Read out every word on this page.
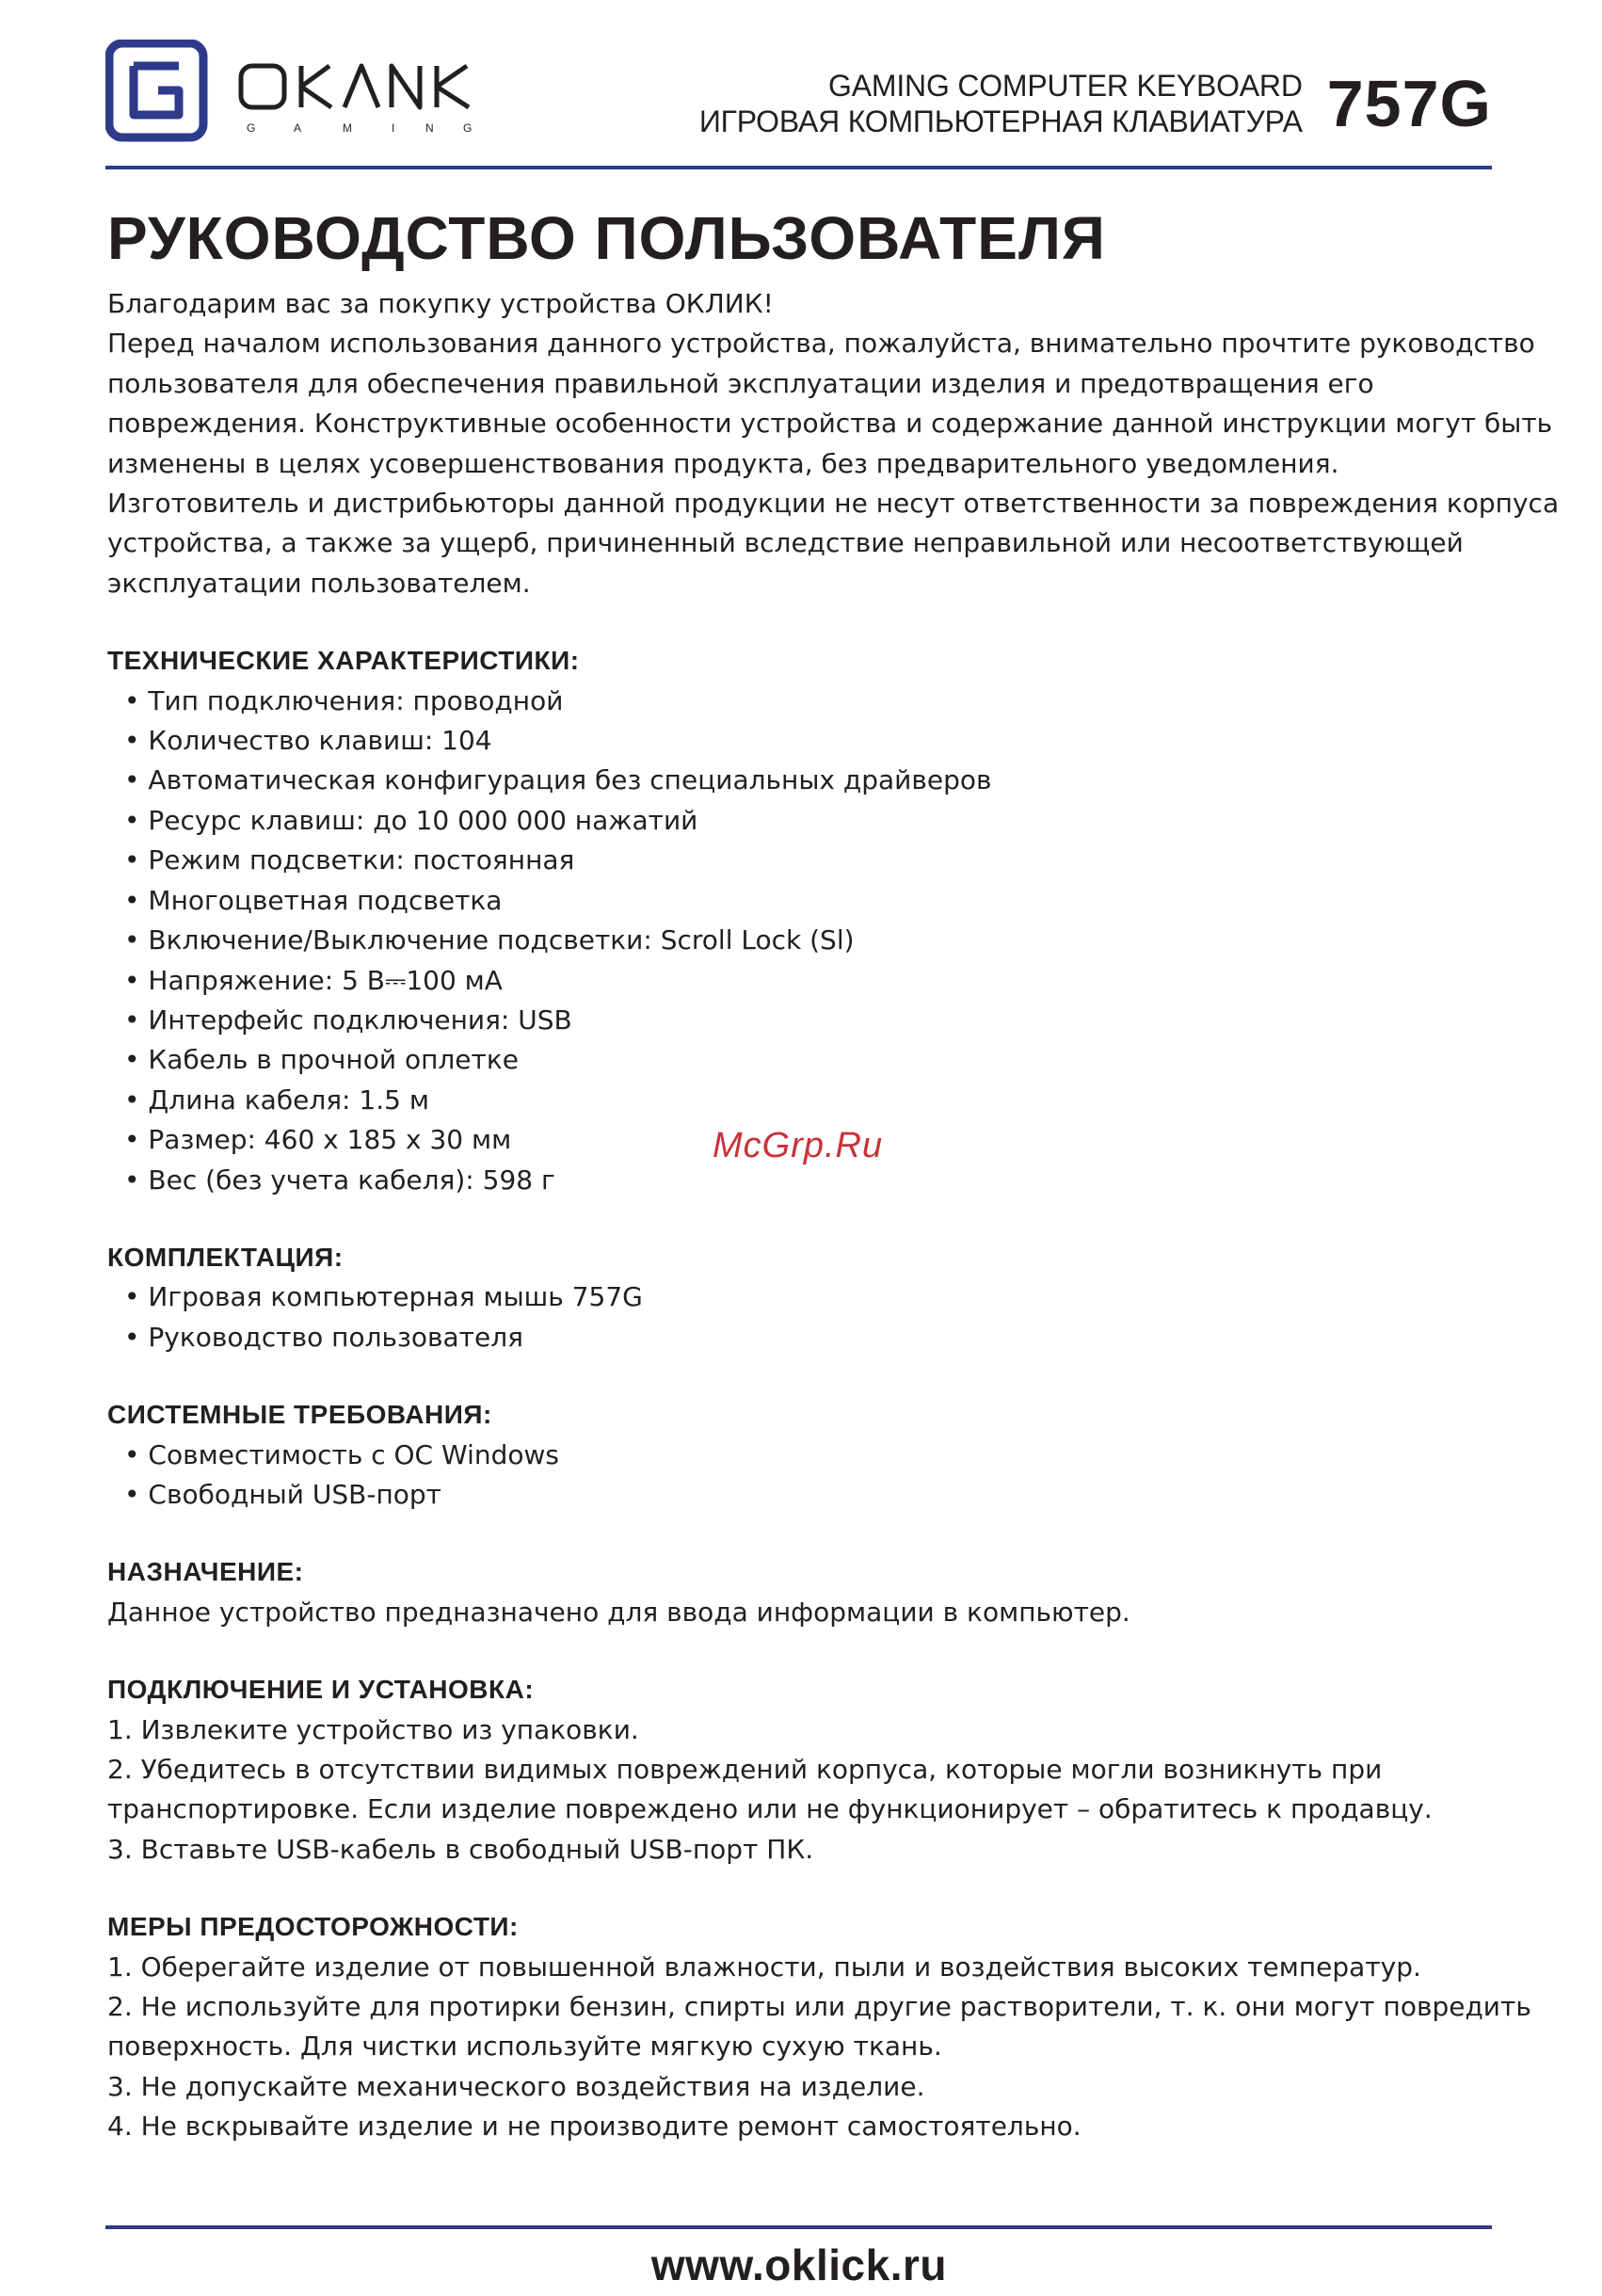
G	A	M	I	N	G
GAMING COMPUTER KEYBOARD
ИГРОВАЯ КОМПЬЮТЕРНАЯ КЛАВИАТУРА 757G
РУКОВОДСТВО ПОЛЬЗОВАТЕЛЯ

Благодарим вас за покупку устройства ОКЛИК!

Перед началом использования данного устройства, пожалуйста, внимательно прочтите руководство

пользователя для обеспечения правильной эксплуатации изделия и предотвращения его

повреждения. Конструктивные особенности устройства и содержание данной инструкции могут быть

изменены в целях усовершенствования продукта, без предварительного уведомления.

Изготовитель и дистрибьюторы данной продукции не несут ответственности за повреждения корпуса

устройства, а также за ущерб, причиненный вследствие неправильной или несоответствующей

эксплуатации пользователем.

ТЕХНИЧЕСКИЕ ХАРАКТЕРИСТИКИ:
• Тип подключения: проводной
• Количество клавиш: 104
• Автоматическая конфигурация без специальных драйверов
• Ресурс клавиш: до 10 000 000 нажатий
• Режим подсветки: постоянная
• Многоцветная подсветка
• Включение/Выключение подсветки: Scroll Lock (Sl)
• Напряжение: 5 В⎓100 мА
• Интерфейс подключения: USB
• Кабель в прочной оплетке
• Длина кабеля: 1.5 м
• Размер: 460 х 185 х 30 мм
• Вес (без учета кабеля): 598 г
КОМПЛЕКТАЦИЯ:
• Игровая компьютерная мышь 757G
• Руководство пользователя
СИСТЕМНЫЕ ТРЕБОВАНИЯ:
• Совместимость с ОС Windows
• Свободный USB-порт
НАЗНАЧЕНИЕ:

Данное устройство предназначено для ввода информации в компьютер.

ПОДКЛЮЧЕНИЕ И УСТАНОВКА:

1. Извлеките устройство из упаковки.

2. Убедитесь в отсутствии видимых повреждений корпуса, которые могли возникнуть при

транспортировке. Если изделие повреждено или не функционирует – обратитесь к продавцу.

3. Вставьте USB-кабель в свободный USB-порт ПК.

МЕРЫ ПРЕДОСТОРОЖНОСТИ:

1. Оберегайте изделие от повышенной влажности, пыли и воздействия высоких температур.

2. Не используйте для протирки бензин, спирты или другие растворители, т. к. они могут повредить

поверхность. Для чистки используйте мягкую сухую ткань.

3. Не допускайте механического воздействия на изделие.

4. Не вскрывайте изделие и не производите ремонт самостоятельно.

McGrp.Ru
www.oklick.ru
